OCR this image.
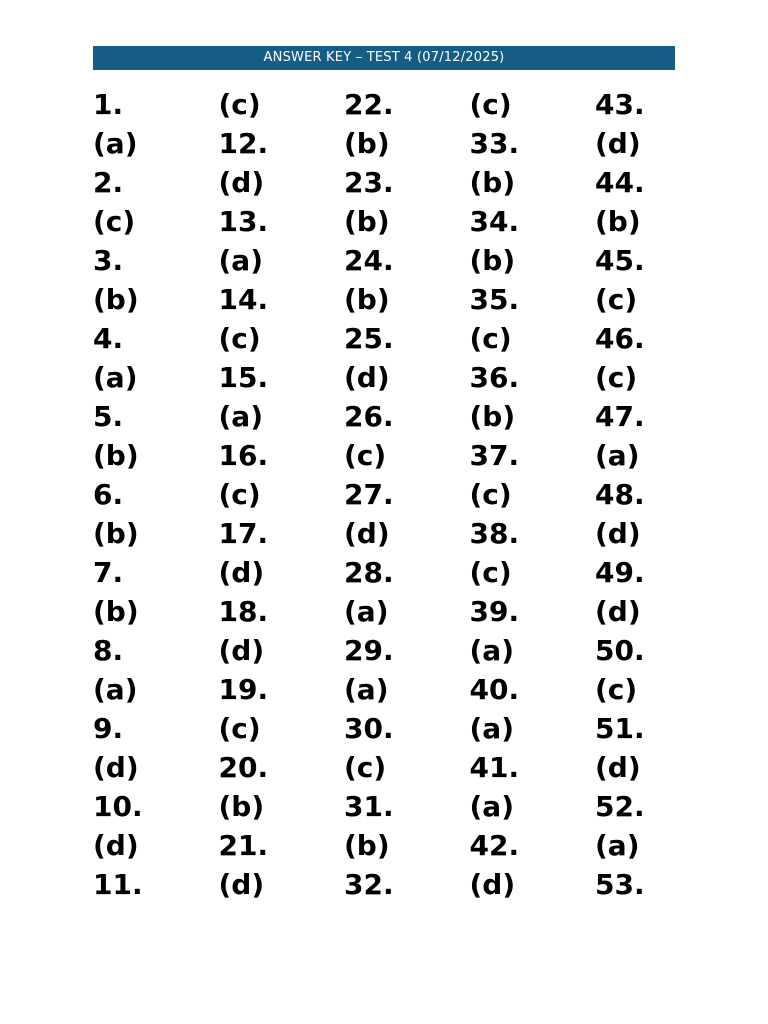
ANSWER KEY – TEST 4 (07/12/2025)
1.	(c)	22.	(c)	43.
(a)	12.	(b)	33.	(d)
2.	(d)	23.	(b)	44.
(c)	13.	(b)	34.	(b)
3.	(a)	24.	(b)	45.
(b)	14.	(b)	35.	(c)
4.	(c)	25.	(c)	46.
(a)	15.	(d)	36.	(c)
5.	(a)	26.	(b)	47.
(b)	16.	(c)	37.	(a)
6.	(c)	27.	(c)	48.
(b)	17.	(d)	38.	(d)
7.	(d)	28.	(c)	49.
(b)	18.	(a)	39.	(d)
8.	(d)	29.	(a)	50.
(a)	19.	(a)	40.	(c)
9.	(c)	30.	(a)	51.
(d)	20.	(c)	41.	(d)
10.	(b)	31.	(a)	52.
(d)	21.	(b)	42.	(a)
11.	(d)	32.	(d)	53.
